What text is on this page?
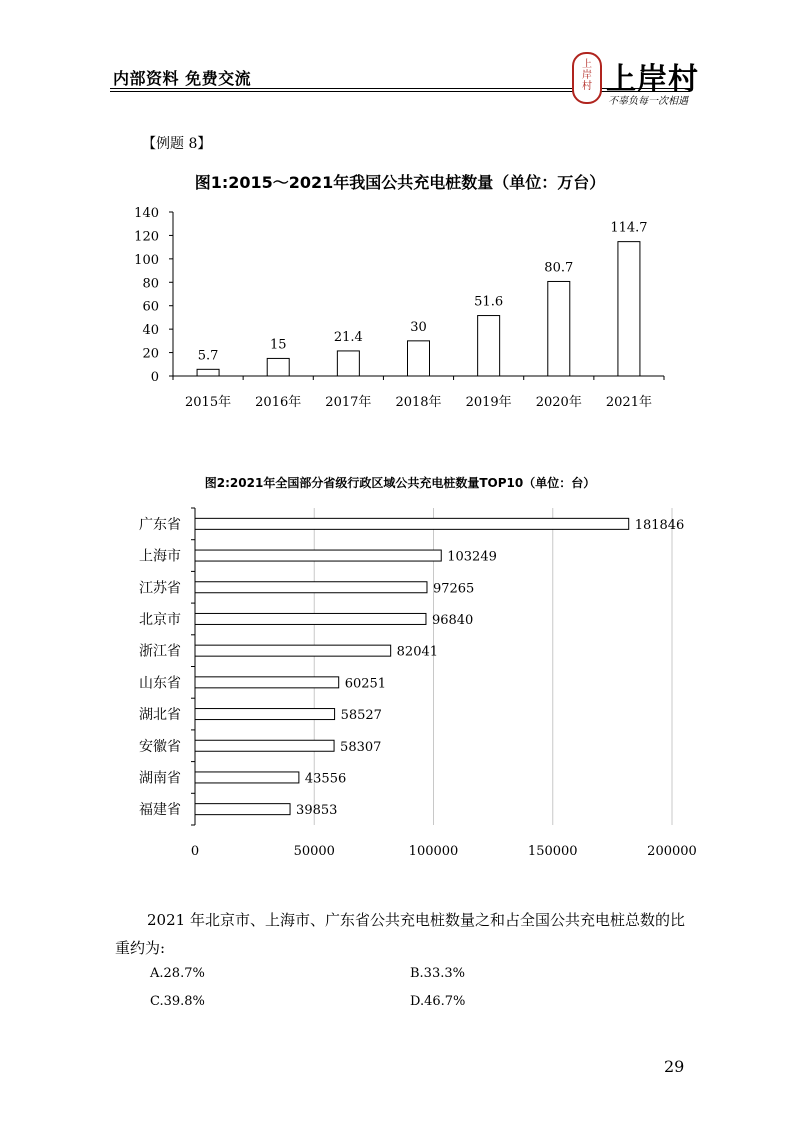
内部资料 免费交流
上
岸
村 上岸村
不辜负每一次相遇
【例题 8】
图1:2015～2021年我国公共充电桩数量（单位：万台）
0
20
40
60
80
100
120
140
5.7
2015年
15
2016年
21.4
2017年
30
2018年
51.6
2019年
80.7
2020年
114.7
2021年
图2:2021年全国部分省级行政区域公共充电桩数量TOP10（单位：台）
0	50000	100000	150000	200000
181846
广东省
103249
上海市
97265
江苏省
96840
北京市
82041
浙江省
60251
山东省
58527
湖北省
58307
安徽省
43556
湖南省
39853
福建省
2021 年北京市、上海市、广东省公共充电桩数量之和占全国公共充电桩总数的比重约为:
A.28.7%	B.33.3%
C.39.8%	D.46.7%
29
